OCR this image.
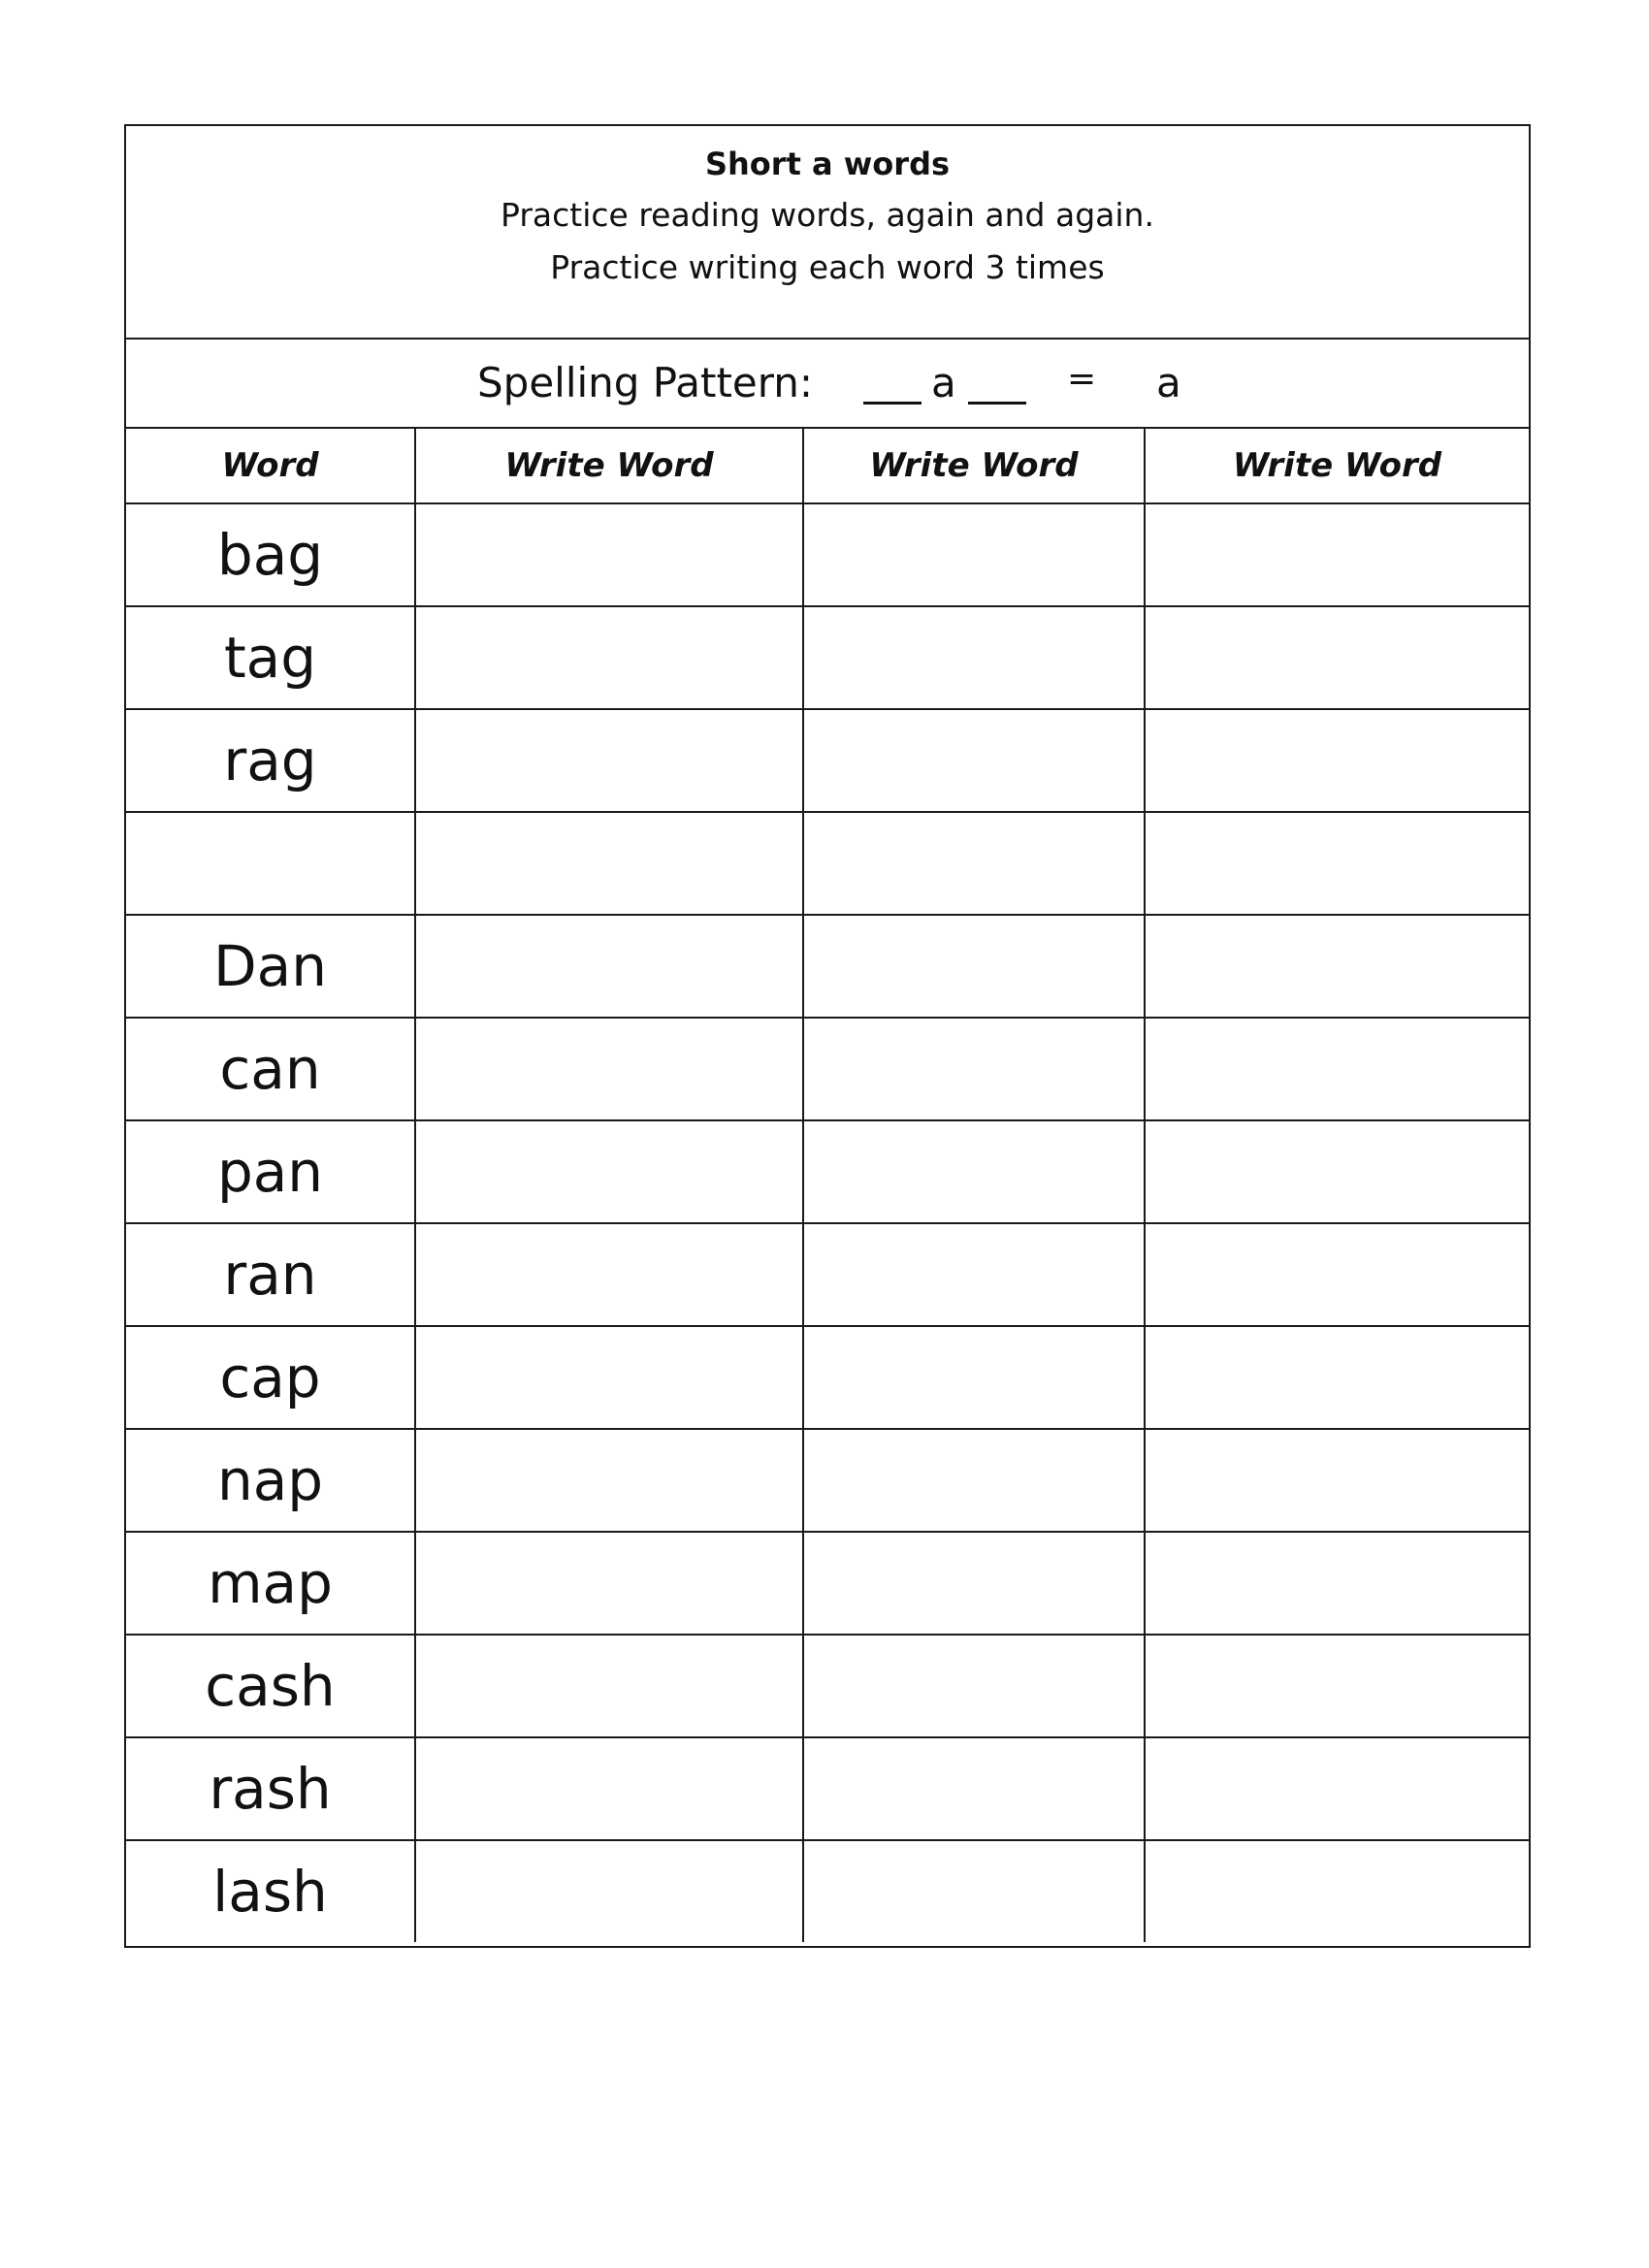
Short a words
Practice reading words, again and again.
Practice writing each word 3 times
Spelling Pattern:	a	= a
Word	Write Word	Write Word	Write Word
bag			
tag			
rag			

Dan			
can			
pan			
ran			
cap			
nap			
map			
cash			
rash			
lash			
